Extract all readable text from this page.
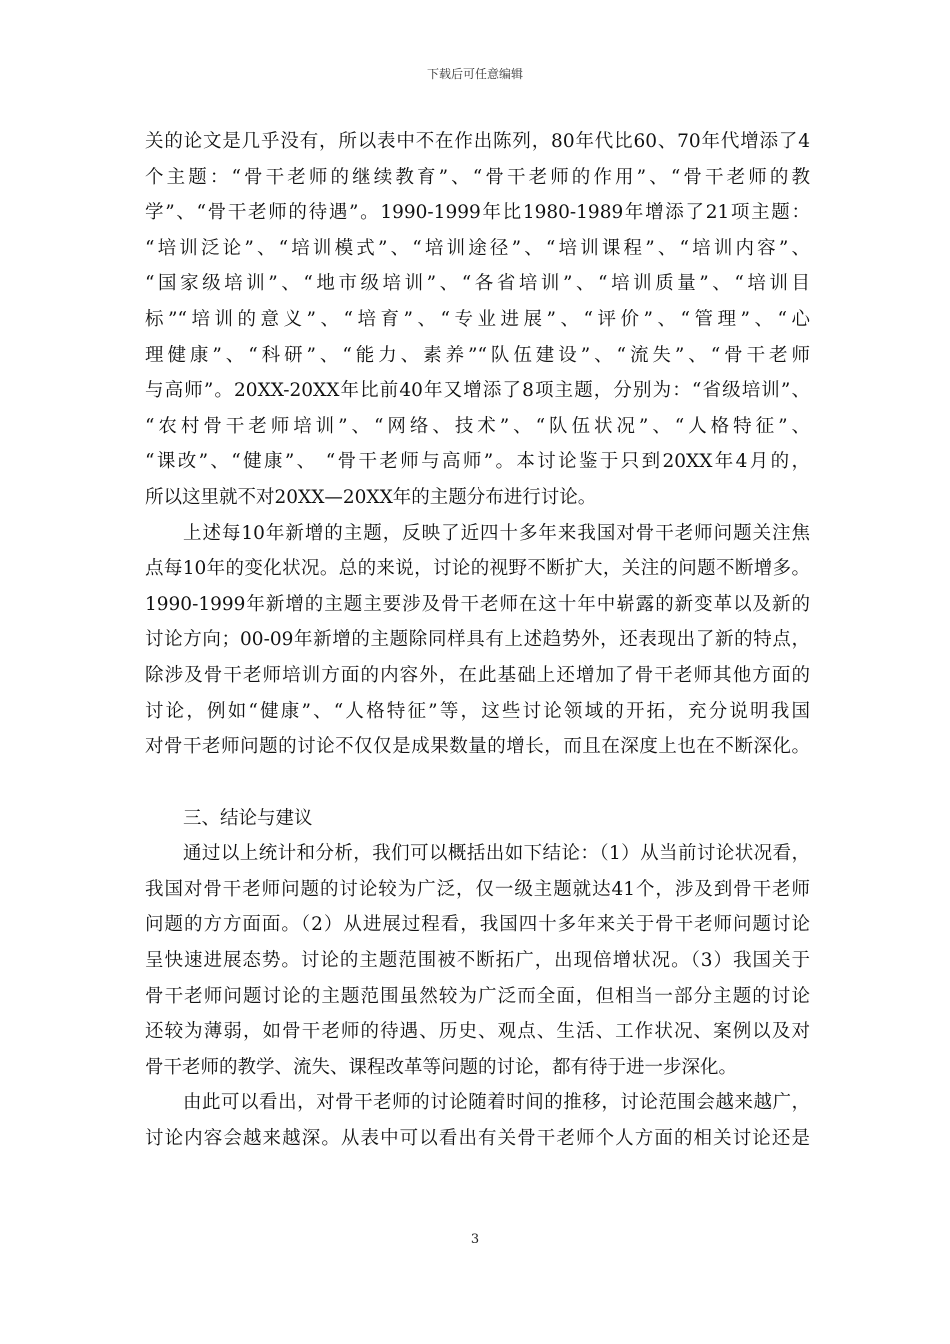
下载后可任意编辑
关的论文是几乎没有，所以表中不在作出陈列，80年代比60、70年代增添了4
个主题：“骨干老师的继续教育”、“骨干老师的作用”、“骨干老师的教
学”、“骨干老师的待遇”。1990-1999年比1980-1989年增添了21项主题：
“培训泛论”、“培训模式”、“培训途径”、“培训课程”、“培训内容”、
“国家级培训”、“地市级培训”、“各省培训”、“培训质量”、“培训目
标”“培训的意义”、“培育”、“专业进展”、“评价”、“管理”、“心
理健康”、“科研”、“能力、素养”“队伍建设”、“流失”、“骨干老师
与高师”。20XX-20XX年比前40年又增添了8项主题，分别为：“省级培训”、
“农村骨干老师培训”、“网络、技术”、“队伍状况”、“人格特征”、
“课改”、“健康”、 “骨干老师与高师”。本讨论鉴于只到20XX年4月的，
所以这里就不对20XX—20XX年的主题分布进行讨论。
上述每10年新增的主题，反映了近四十多年来我国对骨干老师问题关注焦
点每10年的变化状况。总的来说，讨论的视野不断扩大，关注的问题不断增多。
1990-1999年新增的主题主要涉及骨干老师在这十年中崭露的新变革以及新的
讨论方向；00-09年新增的主题除同样具有上述趋势外，还表现出了新的特点，
除涉及骨干老师培训方面的内容外，在此基础上还增加了骨干老师其他方面的
讨论，例如“健康”、“人格特征”等，这些讨论领域的开拓，充分说明我国
对骨干老师问题的讨论不仅仅是成果数量的增长，而且在深度上也在不断深化。
三、结论与建议
通过以上统计和分析，我们可以概括出如下结论：（1）从当前讨论状况看，
我国对骨干老师问题的讨论较为广泛，仅一级主题就达41个，涉及到骨干老师
问题的方方面面。（2）从进展过程看，我国四十多年来关于骨干老师问题讨论
呈快速进展态势。讨论的主题范围被不断拓广，出现倍增状况。（3）我国关于
骨干老师问题讨论的主题范围虽然较为广泛而全面，但相当一部分主题的讨论
还较为薄弱，如骨干老师的待遇、历史、观点、生活、工作状况、案例以及对
骨干老师的教学、流失、课程改革等问题的讨论，都有待于进一步深化。
由此可以看出，对骨干老师的讨论随着时间的推移，讨论范围会越来越广，
讨论内容会越来越深。从表中可以看出有关骨干老师个人方面的相关讨论还是
3
